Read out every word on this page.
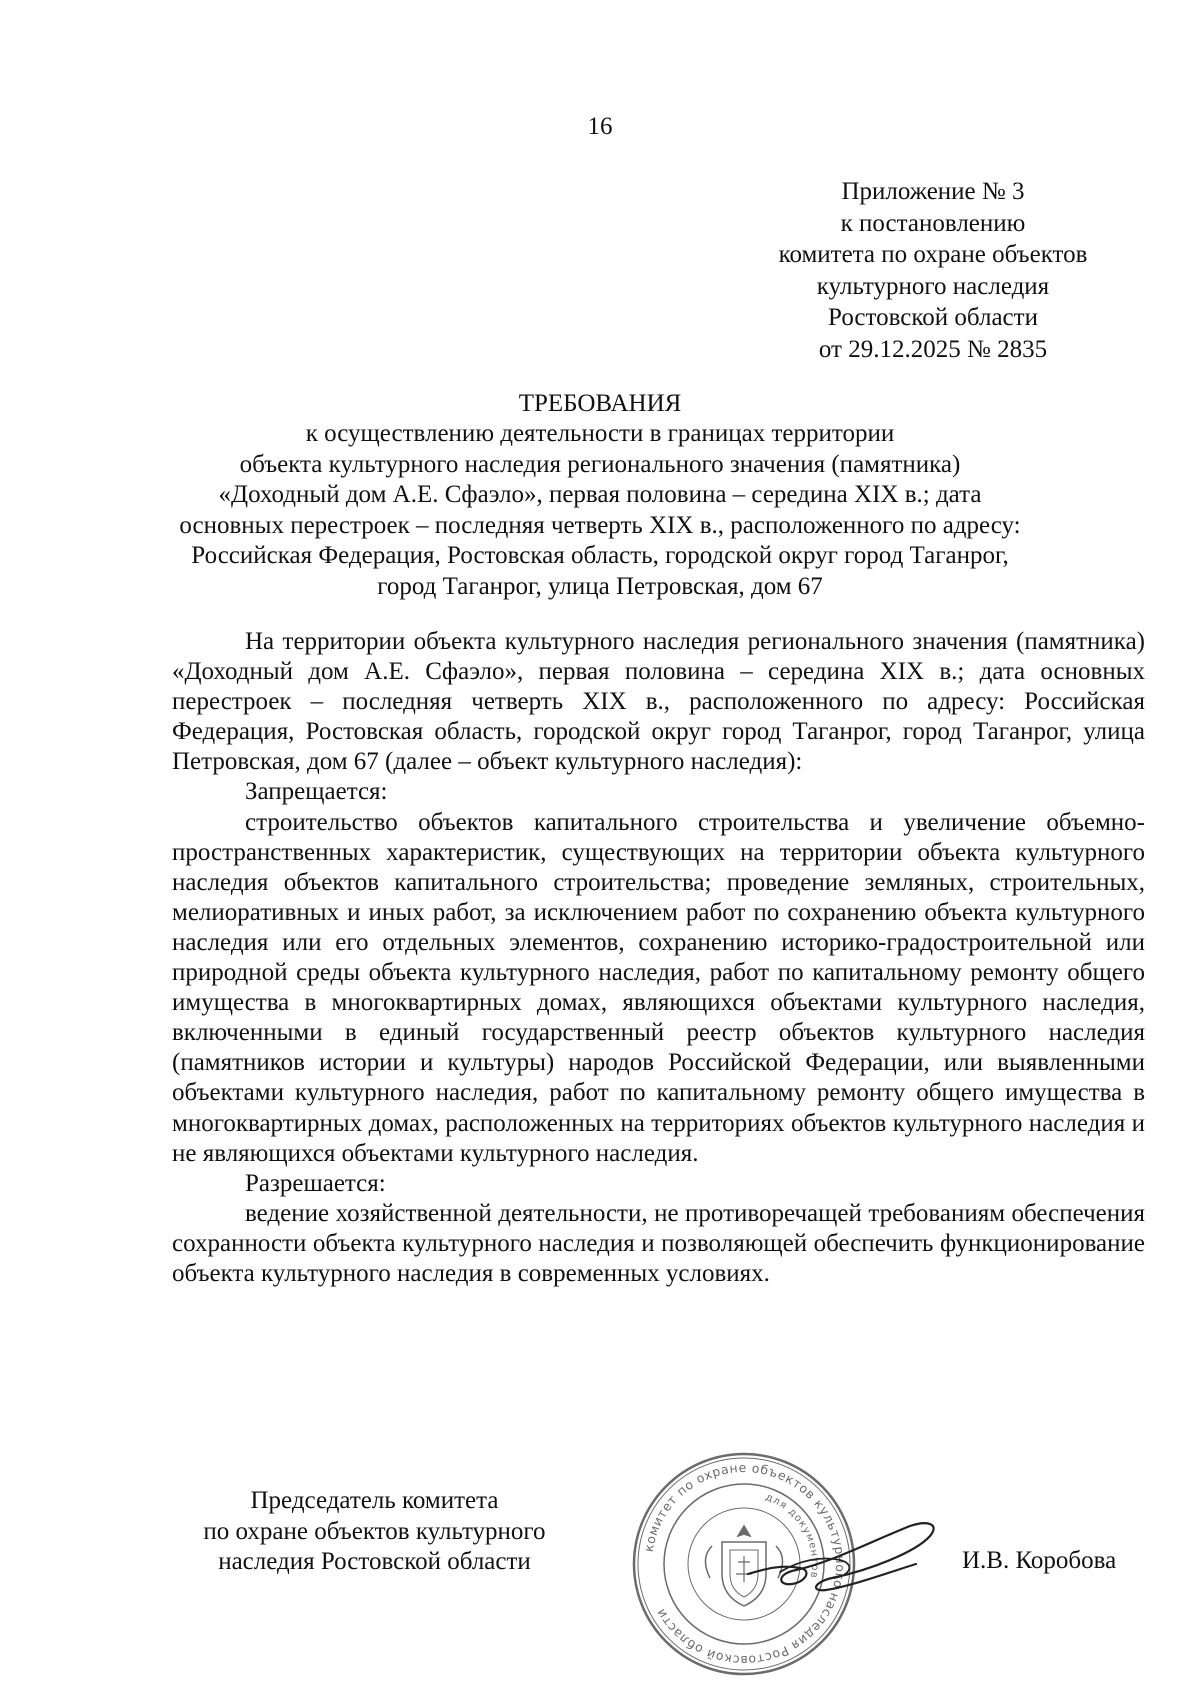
16
Приложение № 3
к постановлению
комитета по охране объектов
культурного наследия
Ростовской области
от 29.12.2025 № 2835
ТРЕБОВАНИЯ
к осуществлению деятельности в границах территории
объекта культурного наследия регионального значения (памятника)
«Доходный дом А.Е. Сфаэло», первая половина – середина XIX в.; дата
основных перестроек – последняя четверть XIX в., расположенного по адресу:
Российская Федерация, Ростовская область, городской округ город Таганрог,
город Таганрог, улица Петровская, дом 67

На территории объекта культурного наследия регионального значения (памятника) «Доходный дом А.Е. Сфаэло», первая половина – середина XIX в.; дата основных перестроек – последняя четверть XIX в., расположенного по адресу: Российская Федерация, Ростовская область, городской округ город Таганрог, город Таганрог, улица Петровская, дом 67 (далее – объект культурного наследия):

Запрещается:

строительство объектов капитального строительства и увеличение объемно-пространственных характеристик, существующих на территории объекта культурного наследия объектов капитального строительства; проведение земляных, строительных, мелиоративных и иных работ, за исключением работ по сохранению объекта культурного наследия или его отдельных элементов, сохранению историко-градостроительной или природной среды объекта культурного наследия, работ по капитальному ремонту общего имущества в многоквартирных домах, являющихся объектами культурного наследия, включенными в единый государственный реестр объектов культурного наследия (памятников истории и культуры) народов Российской Федерации, или выявленными объектами культурного наследия, работ по капитальному ремонту общего имущества в многоквартирных домах, расположенных на территориях объектов культурного наследия и не являющихся объектами культурного наследия.

Разрешается:

ведение хозяйственной деятельности, не противоречащей требованиям обеспечения сохранности объекта культурного наследия и позволяющей обеспечить функционирование объекта культурного наследия в современных условиях.

Председатель комитета
по охране объектов культурного
наследия Ростовской области
комитет по охране объектов культурного наследия Ростовской области
для документов
И.В. Коробова
